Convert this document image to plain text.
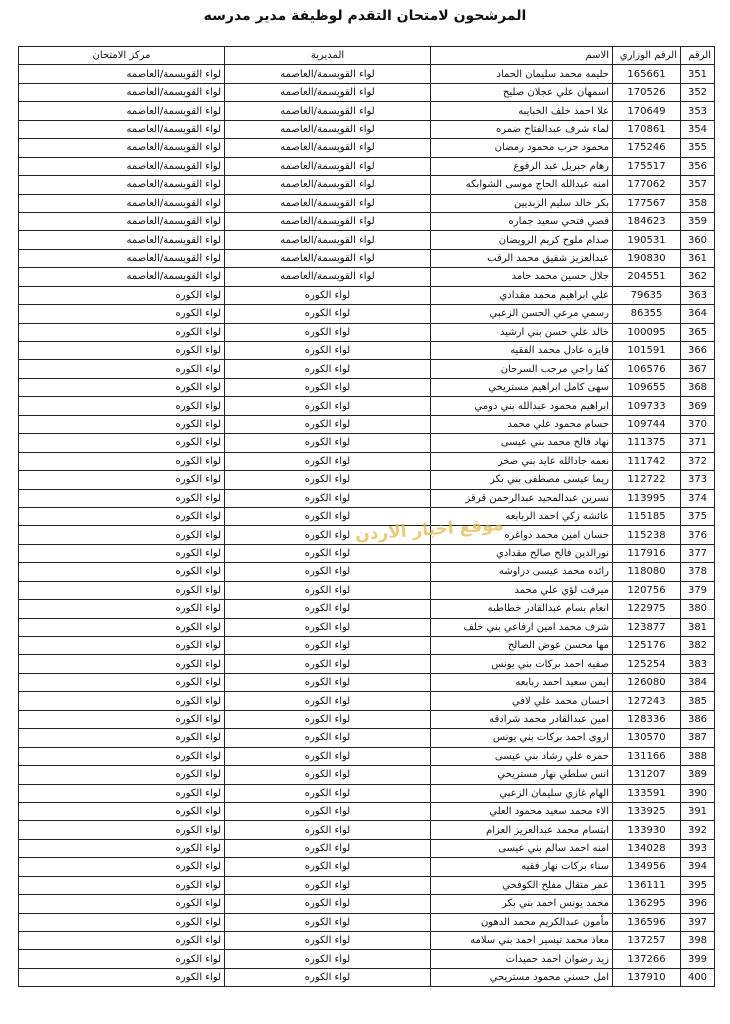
المرشحون لامتحان التقدم لوظيفة مدير مدرسه
الرقم	الرقم الوزاري	الاسم	المديرية	مركز الامتحان
351	165661	حليمه محمد سليمان الحماد	لواء القويسمة/العاصمه	لواء القويسمة/العاصمه
352	170526	اسمهان علي عجلان صليح	لواء القويسمة/العاصمه	لواء القويسمة/العاصمه
353	170649	علا احمد خلف الخبايبه	لواء القويسمة/العاصمه	لواء القويسمة/العاصمه
354	170861	لماء شرف عبدالفتاح ضمره	لواء القويسمة/العاصمه	لواء القويسمة/العاصمه
355	175246	محمود حرب محمود رمضان	لواء القويسمة/العاصمه	لواء القويسمة/العاصمه
356	175517	رهام جبريل عبد الرفوع	لواء القويسمة/العاصمه	لواء القويسمة/العاصمه
357	177062	امنه عبدالله الحاج موسى الشوابكه	لواء القويسمة/العاصمه	لواء القويسمة/العاصمه
358	177567	بكر خالد سليم الزبديين	لواء القويسمة/العاصمه	لواء القويسمة/العاصمه
359	184623	قصي فتحي سعيد جماره	لواء القويسمة/العاصمه	لواء القويسمة/العاصمه
360	190531	صدام ملوح كريم الرويضان	لواء القويسمة/العاصمه	لواء القويسمة/العاصمه
361	190830	عبدالعزيز شفيق محمد الرقب	لواء القويسمة/العاصمه	لواء القويسمة/العاصمه
362	204551	جلال حسين محمد حامد	لواء القويسمة/العاصمه	لواء القويسمة/العاصمه
363	79635	علي ابراهيم محمد مقدادي	لواء الكوره	لواء الكوره
364	86355	رسمي مرعي الحسن الزعبي	لواء الكوره	لواء الكوره
365	100095	خالد علي حسن بني ارشيد	لواء الكوره	لواء الكوره
366	101591	فايزه عادل محمد الفقيه	لواء الكوره	لواء الكوره
367	106576	كفا راجي مرجب السرحان	لواء الكوره	لواء الكوره
368	109655	سهى كامل ابراهيم مستريحي	لواء الكوره	لواء الكوره
369	109733	ابراهيم محمود عبدالله بني دومي	لواء الكوره	لواء الكوره
370	109744	حسام محمود علي محمد	لواء الكوره	لواء الكوره
371	111375	نهاد فالح محمد بني عيسى	لواء الكوره	لواء الكوره
372	111742	نعمه جادالله عايد بني صخر	لواء الكوره	لواء الكوره
373	112722	ريما عيسى مصطفى بني بكر	لواء الكوره	لواء الكوره
374	113995	نسرين عبدالمجيد عبدالرحمن قرقز	لواء الكوره	لواء الكوره
375	115185	عائشه زكي احمد الربابعه	لواء الكوره	لواء الكوره
376	115238	حسان امين محمد دواغره	لواء الكوره	لواء الكوره
377	117916	نورالدين فالح صالح مقدادي	لواء الكوره	لواء الكوره
378	118080	رائده محمد عيسى دراوشه	لواء الكوره	لواء الكوره
379	120756	ميرفت لؤي علي محمد	لواء الكوره	لواء الكوره
380	122975	انعام بسام عبدالقادر خطاطبه	لواء الكوره	لواء الكوره
381	123877	شرف محمد امين ارفاعي بني خلف	لواء الكوره	لواء الكوره
382	125176	مها محسن عوض الصالح	لواء الكوره	لواء الكوره
383	125254	صفيه احمد بركات بني يونس	لواء الكوره	لواء الكوره
384	126080	ايمن سعيد احمد ربابعه	لواء الكوره	لواء الكوره
385	127243	احسان محمد علي لافي	لواء الكوره	لواء الكوره
386	128336	امين عبدالقادر محمد شرادقه	لواء الكوره	لواء الكوره
387	130570	اروى احمد بركات بني يونس	لواء الكوره	لواء الكوره
388	131166	حمزه علي رشاد بني عيسى	لواء الكوره	لواء الكوره
389	131207	انس سلطي نهار مستريحي	لواء الكوره	لواء الكوره
390	133591	الهام غازي سليمان الزعبي	لواء الكوره	لواء الكوره
391	133925	الاء محمد سعيد محمود العلي	لواء الكوره	لواء الكوره
392	133930	ابتسام محمد عبدالعزيز العزام	لواء الكوره	لواء الكوره
393	134028	امنه احمد سالم بني عيسى	لواء الكوره	لواء الكوره
394	134956	سناء بركات نهار فقيه	لواء الكوره	لواء الكوره
395	136111	عمر متقال مفلح الكوفحي	لواء الكوره	لواء الكوره
396	136295	محمد يونس احمد بني بكر	لواء الكوره	لواء الكوره
397	136596	مأمون عبدالكريم محمد الدهون	لواء الكوره	لواء الكوره
398	137257	معاذ محمد تيسير احمد بني سلامه	لواء الكوره	لواء الكوره
399	137266	زيد رضوان احمد حميدات	لواء الكوره	لواء الكوره
400	137910	امل حسني محمود مستريحي	لواء الكوره	لواء الكوره
موقع اخبار الاردن
